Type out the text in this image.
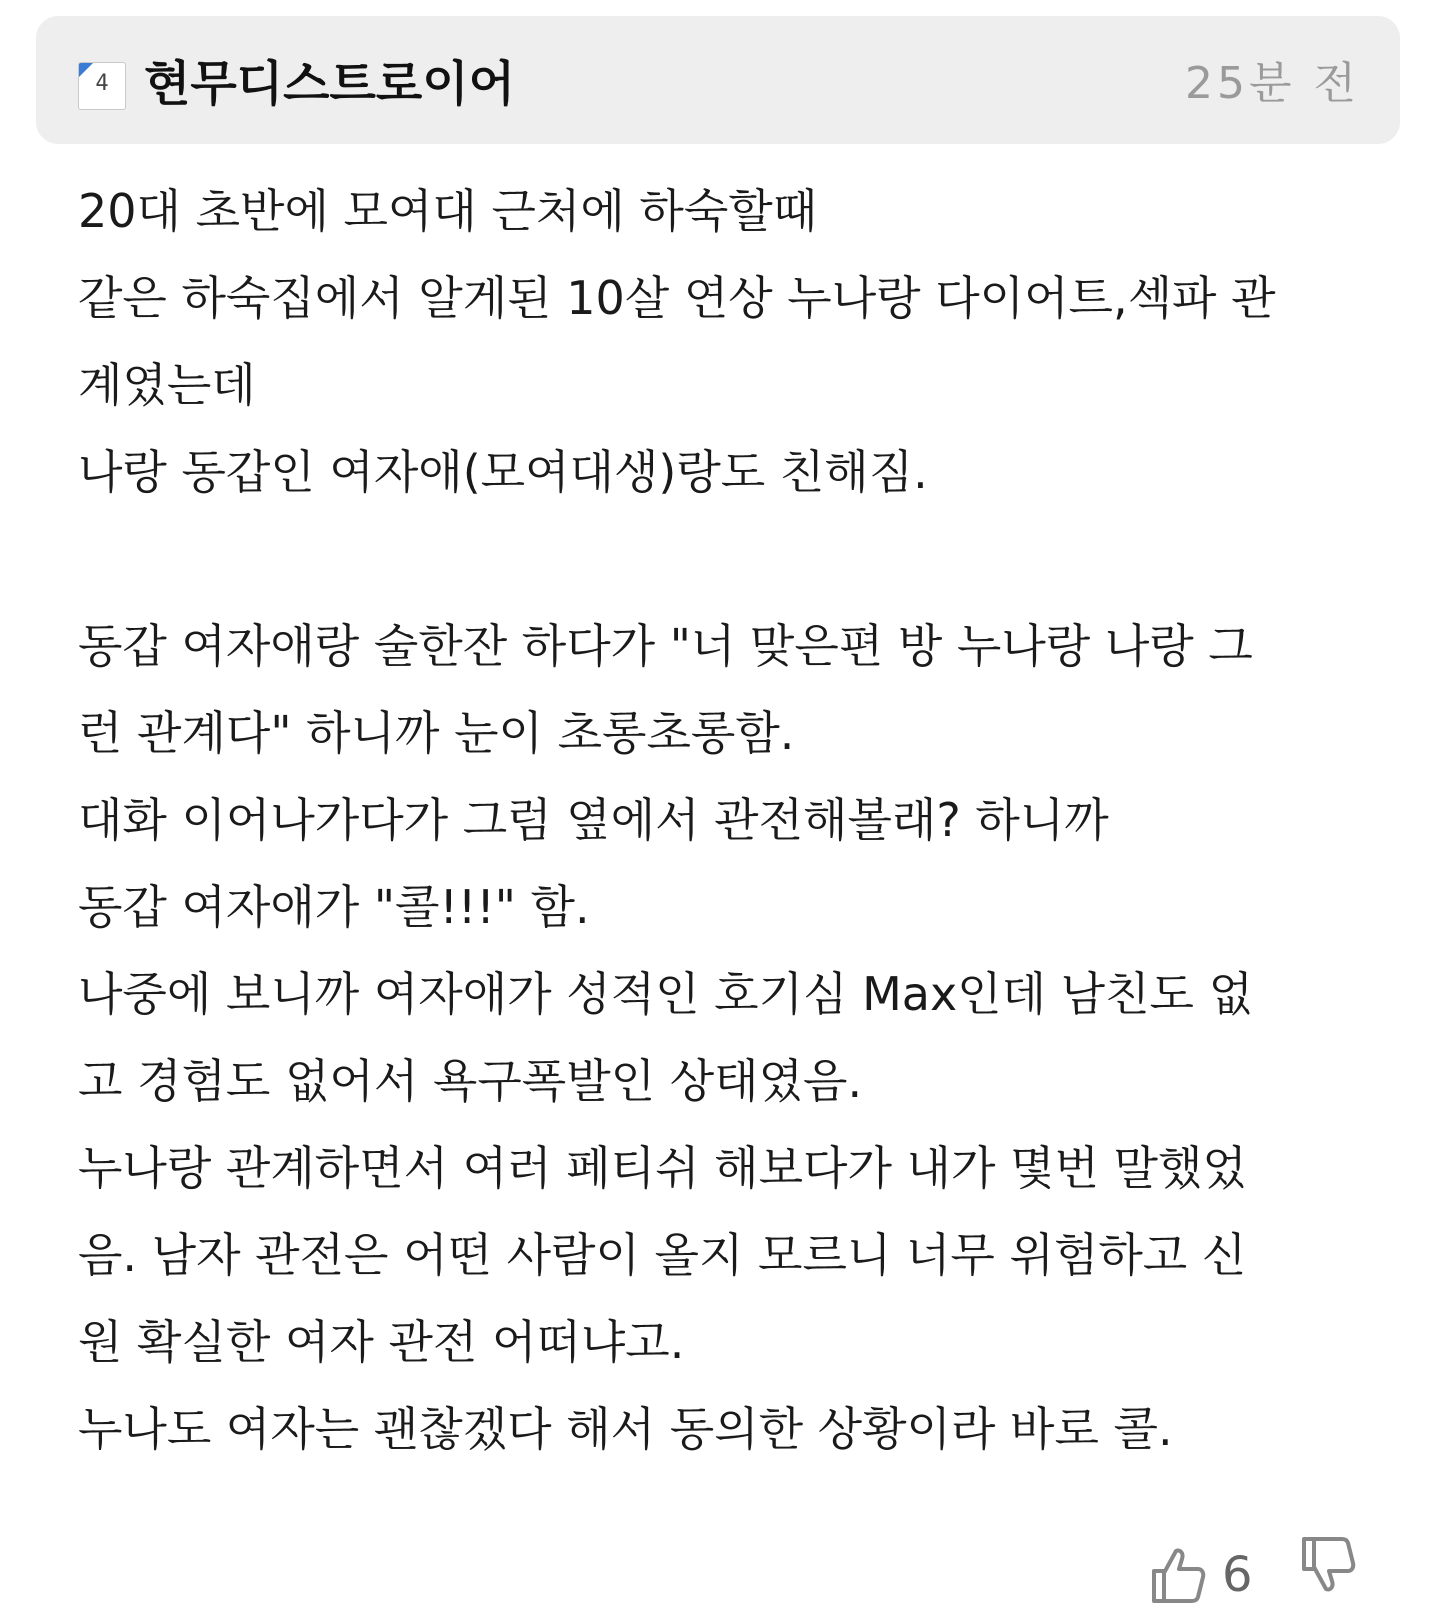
4 현무디스트로이어	25분 전
20대 초반에 모여대 근처에 하숙할때
같은 하숙집에서 알게된 10살 연상 누나랑 다이어트,섹파 관
계였는데
나랑 동갑인 여자애(모여대생)랑도 친해짐.
동갑 여자애랑 술한잔 하다가 "너 맞은편 방 누나랑 나랑 그
런 관계다" 하니까 눈이 초롱초롱함.
대화 이어나가다가 그럼 옆에서 관전해볼래? 하니까
동갑 여자애가 "콜!!!" 함.
나중에 보니까 여자애가 성적인 호기심 Max인데 남친도 없
고 경험도 없어서 욕구폭발인 상태였음.
누나랑 관계하면서 여러 페티쉬 해보다가 내가 몇번 말했었
음. 남자 관전은 어떤 사람이 올지 모르니 너무 위험하고 신
원 확실한 여자 관전 어떠냐고.
누나도 여자는 괜찮겠다 해서 동의한 상황이라 바로 콜.
6
